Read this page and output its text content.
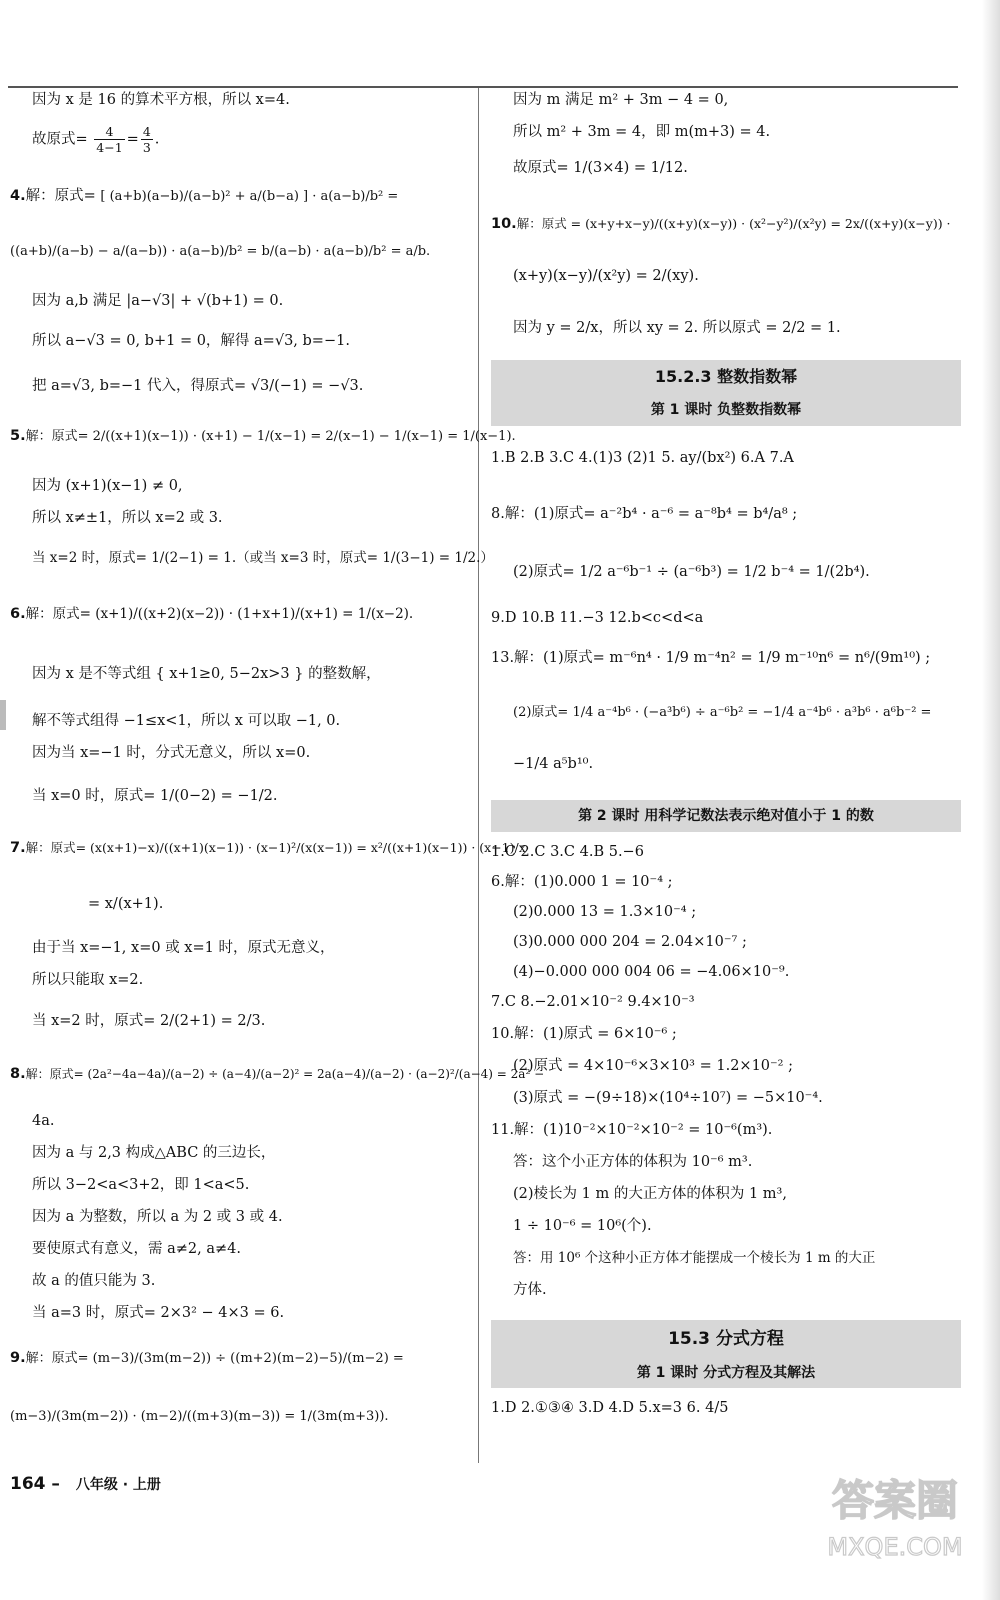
因为 x 是 16 的算术平方根，所以 x=4.
故原式= $\frac{4}{4-1} = \frac{4}{3}$ .
4.解：原式= [ (a+b)(a−b)/(a−b)² + a/(b−a) ] · a(a−b)/b² =
((a+b)/(a−b) − a/(a−b)) · a(a−b)/b² = b/(a−b) · a(a−b)/b² = a/b.
因为 a,b 满足 |a−√3| + √(b+1) = 0.
所以 a−√3 = 0, b+1 = 0，解得 a=√3, b=−1.
把 a=√3, b=−1 代入，得原式= √3/(−1) = −√3.
5.解：原式= 2/((x+1)(x−1)) · (x+1) − 1/(x−1) = 2/(x−1) − 1/(x−1) = 1/(x−1).
因为 (x+1)(x−1) ≠ 0,
所以 x≠±1，所以 x=2 或 3.
当 x=2 时，原式= 1/(2−1) = 1.（或当 x=3 时，原式= 1/(3−1) = 1/2.）
6.解：原式= (x+1)/((x+2)(x−2)) · (1+x+1)/(x+1) = 1/(x−2).
因为 x 是不等式组 { x+1≥0, 5−2x>3 } 的整数解，
解不等式组得 −1≤x<1，所以 x 可以取 −1, 0.
因为当 x=−1 时，分式无意义，所以 x=0.
当 x=0 时，原式= 1/(0−2) = −1/2.
7.解：原式= (x(x+1)−x)/((x+1)(x−1)) · (x−1)²/(x(x−1)) = x²/((x+1)(x−1)) · (x−1)/x
= x/(x+1).
由于当 x=−1, x=0 或 x=1 时，原式无意义，
所以只能取 x=2.
当 x=2 时，原式= 2/(2+1) = 2/3.
8.解：原式= (2a²−4a−4a)/(a−2) ÷ (a−4)/(a−2)² = 2a(a−4)/(a−2) · (a−2)²/(a−4) = 2a² −
4a.
因为 a 与 2,3 构成△ABC 的三边长，
所以 3−2<a<3+2，即 1<a<5.
因为 a 为整数，所以 a 为 2 或 3 或 4.
要使原式有意义，需 a≠2, a≠4.
故 a 的值只能为 3.
当 a=3 时，原式= 2×3² − 4×3 = 6.
9.解：原式= (m−3)/(3m(m−2)) ÷ ((m+2)(m−2)−5)/(m−2) =
(m−3)/(3m(m−2)) · (m−2)/((m+3)(m−3)) = 1/(3m(m+3)).
因为 m 满足 m² + 3m − 4 = 0,
所以 m² + 3m = 4，即 m(m+3) = 4.
故原式= 1/(3×4) = 1/12.
10.解：原式 = (x+y+x−y)/((x+y)(x−y)) · (x²−y²)/(x²y) = 2x/((x+y)(x−y)) ·
(x+y)(x−y)/(x²y) = 2/(xy).
因为 y = 2/x，所以 xy = 2. 所以原式 = 2/2 = 1.
15.2.3 整数指数幂
第 1 课时 负整数指数幂
1.B 2.B 3.C 4.(1)3 (2)1 5. ay/(bx²) 6.A 7.A
8.解：(1)原式= a⁻²b⁴ · a⁻⁶ = a⁻⁸b⁴ = b⁴/a⁸ ;
(2)原式= 1/2 a⁻⁶b⁻¹ ÷ (a⁻⁶b³) = 1/2 b⁻⁴ = 1/(2b⁴).
9.D 10.B 11.−3 12.b<c<d<a
13.解：(1)原式= m⁻⁶n⁴ · 1/9 m⁻⁴n² = 1/9 m⁻¹⁰n⁶ = n⁶/(9m¹⁰) ;
(2)原式= 1/4 a⁻⁴b⁶ · (−a³b⁶) ÷ a⁻⁶b² = −1/4 a⁻⁴b⁶ · a³b⁶ · a⁶b⁻² =
−1/4 a⁵b¹⁰.
第 2 课时 用科学记数法表示绝对值小于 1 的数
1.C 2.C 3.C 4.B 5.−6
6.解：(1)0.000 1 = 10⁻⁴ ;
(2)0.000 13 = 1.3×10⁻⁴ ;
(3)0.000 000 204 = 2.04×10⁻⁷ ;
(4)−0.000 000 004 06 = −4.06×10⁻⁹.
7.C 8.−2.01×10⁻² 9.4×10⁻³
10.解：(1)原式 = 6×10⁻⁶ ;
(2)原式 = 4×10⁻⁶×3×10³ = 1.2×10⁻² ;
(3)原式 = −(9÷18)×(10⁴÷10⁷) = −5×10⁻⁴.
11.解：(1)10⁻²×10⁻²×10⁻² = 10⁻⁶(m³).
答：这个小正方体的体积为 10⁻⁶ m³.
(2)棱长为 1 m 的大正方体的体积为 1 m³,
1 ÷ 10⁻⁶ = 10⁶(个).
答：用 10⁶ 个这种小正方体才能摆成一个棱长为 1 m 的大正
方体.
15.3 分式方程
第 1 课时 分式方程及其解法
1.D 2.①③④ 3.D 4.D 5.x=3 6. 4/5
164 – 八年级 · 上册	答案圈
MXQE.COM
